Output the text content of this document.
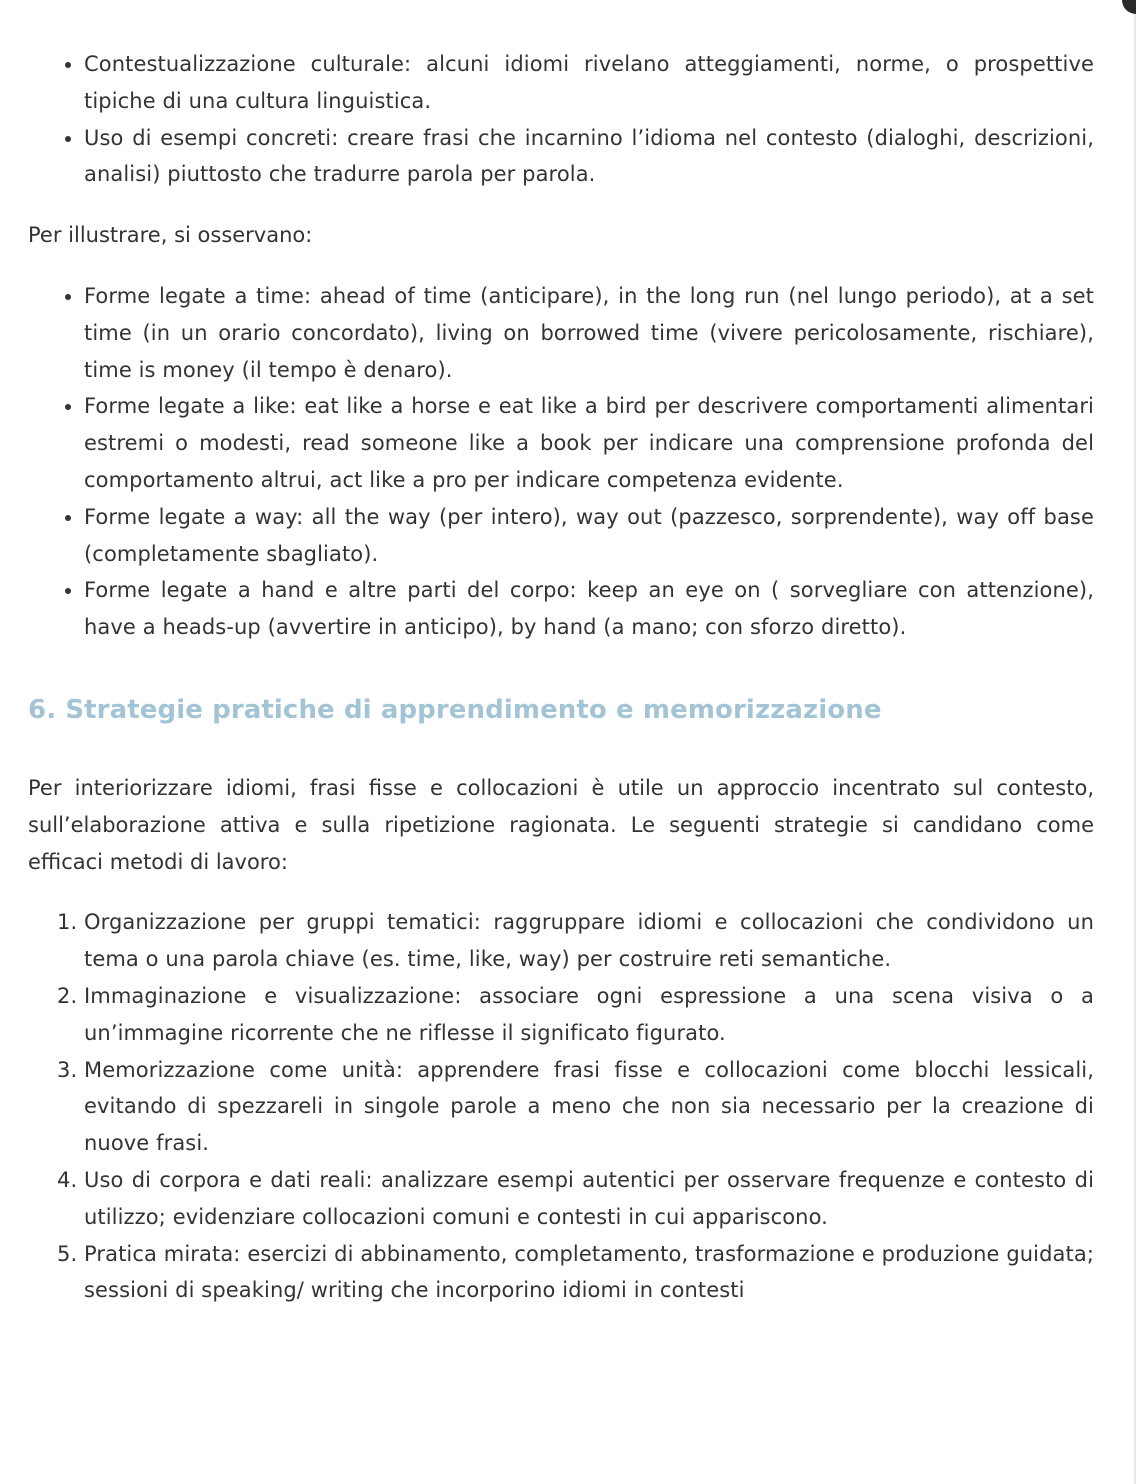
• Contestualizzazione culturale: alcuni idiomi rivelano atteggiamenti, norme, o prospettive tipiche di una cultura linguistica.
• Uso di esempi concreti: creare frasi che incarnino l’idioma nel contesto (dialoghi, descrizioni, analisi) piuttosto che tradurre parola per parola.

Per illustrare, si osservano:

• Forme legate a time: ahead of time (anticipare), in the long run (nel lungo periodo), at a set time (in un orario concordato), living on borrowed time (vivere pericolosamente, rischiare), time is money (il tempo è denaro).
• Forme legate a like: eat like a horse e eat like a bird per descrivere comportamenti alimentari estremi o modesti, read someone like a book per indicare una comprensione profonda del comportamento altrui, act like a pro per indicare competenza evidente.
• Forme legate a way: all the way (per intero), way out (pazzesco, sorprendente), way off base (completamente sbagliato).
• Forme legate a hand e altre parti del corpo: keep an eye on ( sorvegliare con attenzione), have a heads-up (avvertire in anticipo), by hand (a mano; con sforzo diretto).
6. Strategie pratiche di apprendimento e memorizzazione

Per interiorizzare idiomi, frasi fisse e collocazioni è utile un approccio incentrato sul contesto, sull’elaborazione attiva e sulla ripetizione ragionata. Le seguenti strategie si candidano come efficaci metodi di lavoro:

1. Organizzazione per gruppi tematici: raggruppare idiomi e collocazioni che condividono un tema o una parola chiave (es. time, like, way) per costruire reti semantiche.
2. Immaginazione e visualizzazione: associare ogni espressione a una scena visiva o a un’immagine ricorrente che ne riflesse il significato figurato.
3. Memorizzazione come unità: apprendere frasi fisse e collocazioni come blocchi lessicali, evitando di spezzareli in singole parole a meno che non sia necessario per la creazione di nuove frasi.
4. Uso di corpora e dati reali: analizzare esempi autentici per osservare frequenze e contesto di utilizzo; evidenziare collocazioni comuni e contesti in cui appariscono.
5. Pratica mirata: esercizi di abbinamento, completamento, trasformazione e produzione guidata; sessioni di speaking/ writing che incorporino idiomi in contesti
